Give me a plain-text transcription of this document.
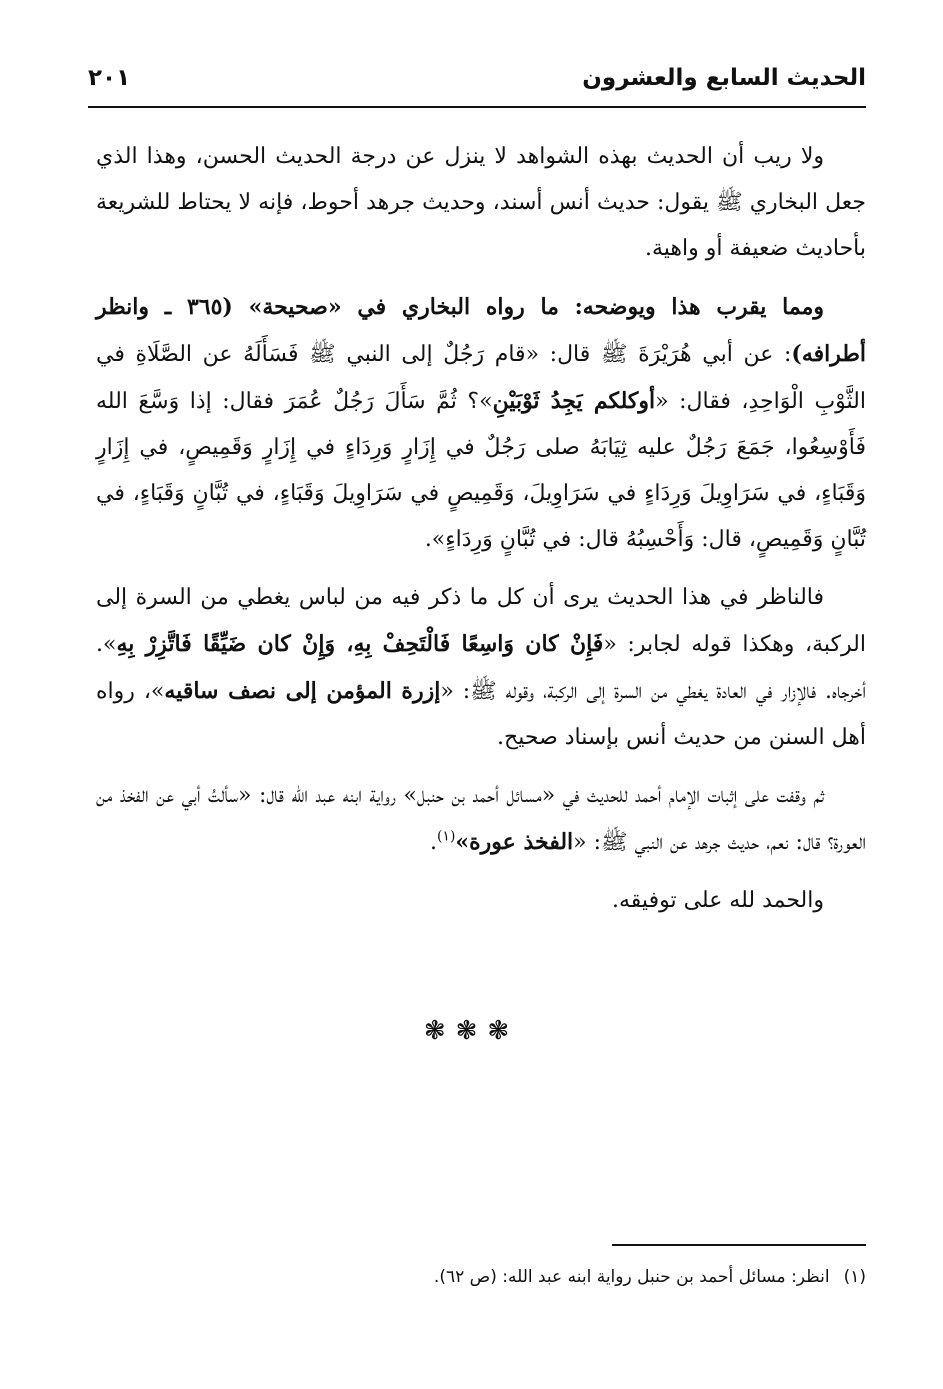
الحديث السابع والعشرون
٢٠١

ولا ريب أن الحديث بهذه الشواهد لا ينزل عن درجة الحديث الحسن، وهذا الذي جعل البخاري ﷺ يقول: حديث أنس أسند، وحديث جرهد أحوط، فإنه لا يحتاط للشريعة بأحاديث ضعيفة أو واهية.

ومما يقرب هذا ويوضحه: ما رواه البخاري في «صحيحة» (٣٦٥ ـ وانظر أطرافه): عن أبي هُرَيْرَةَ ﷺ قال: «قام رَجُلٌ إلى النبي ﷺ فَسَأَلَهُ عن الصَّلَاةِ في الثَّوْبِ الْوَاحِدِ، فقال: «أوكلكم يَجِدُ ثَوْبَيْنِ»؟ ثُمَّ سَأَلَ رَجُلٌ عُمَرَ فقال: إذا وَسَّعَ الله فَأَوْسِعُوا، جَمَعَ رَجُلٌ عليه ثِيَابَهُ صلى رَجُلٌ في إِزَارٍ وَرِدَاءٍ في إِزَارٍ وَقَمِيصٍ، في إِزَارٍ وَقَبَاءٍ، في سَرَاوِيلَ وَرِدَاءٍ في سَرَاوِيلَ، وَقَمِيصٍ في سَرَاوِيلَ وَقَبَاءٍ، في تُبَّانٍ وَقَبَاءٍ، في تُبَّانٍ وَقَمِيصٍ، قال: وَأَحْسِبُهُ قال: في تُبَّانٍ وَرِدَاءٍ».

فالناظر في هذا الحديث يرى أن كل ما ذكر فيه من لباس يغطي من السرة إلى الركبة، وهكذا قوله لجابر: «فَإِنْ كان وَاسِعًا فَالْتَحِفْ بِهِ، وَإِنْ كان ضَيِّقًا فَاتَّزِرْ بِهِ». أخرجاه. فالإزار في العادة يغطي من السرة إلى الركبة، وقوله ﷺ: «إزرة المؤمن إلى نصف ساقيه»، رواه أهل السنن من حديث أنس بإسناد صحيح.

ثم وقفت على إثبات الإمام أحمد للحديث في «مسائل أحمد بن حنبل» رواية ابنه عبد الله قال: «سألتُ أبي عن الفخذ من العورة؟ قال: نعم، حديث جرهد عن النبي ﷺ: «الفخذ عورة»$^{(١)}$.

والحمد لله على توفيقه.

❃❃❃
(١)انظر: مسائل أحمد بن حنبل رواية ابنه عبد الله: (ص ٦٢).
